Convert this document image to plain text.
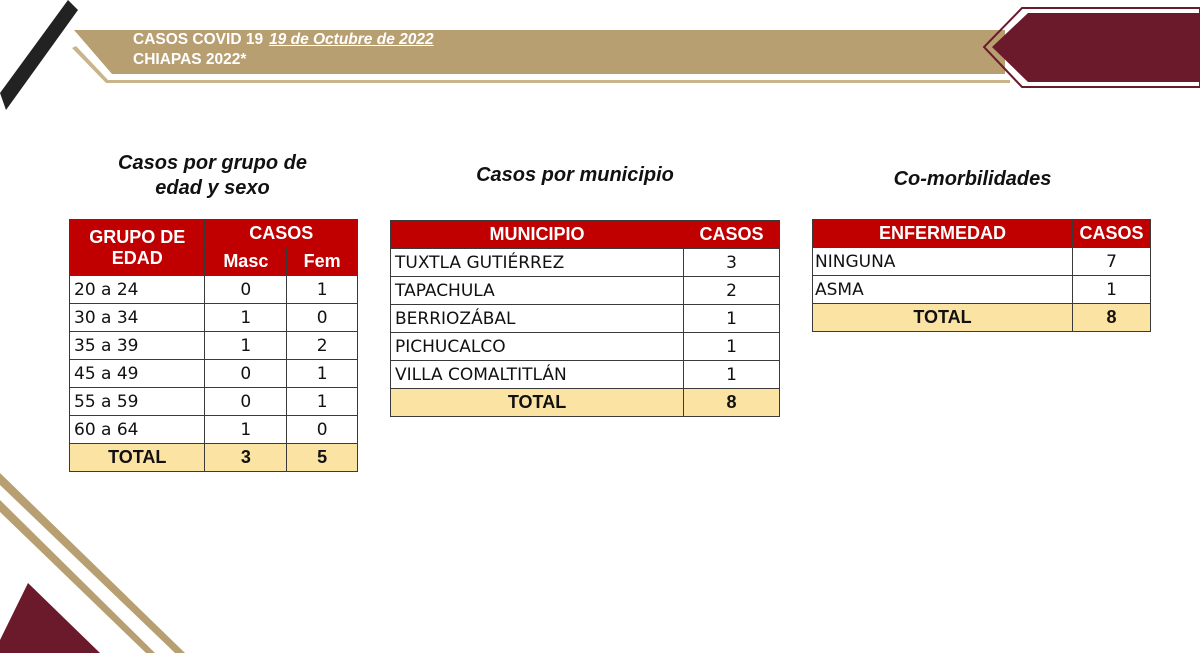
CASOS COVID 19 19 de Octubre de 2022
CHIAPAS 2022*
Casos por grupo de
edad y sexo
Casos por municipio	Co-morbilidades
GRUPO DE
EDAD	CASOS	
	Masc	Fem
20 a 24	0	1
30 a 34	1	0
35 a 39	1	2
45 a 49	0	1
55 a 59	0	1
60 a 64	1	0
TOTAL	3	5
MUNICIPIO	CASOS
TUXTLA GUTIÉRREZ	3
TAPACHULA	2
BERRIOZÁBAL	1
PICHUCALCO	1
VILLA COMALTITLÁN	1
TOTAL	8
ENFERMEDAD	CASOS
NINGUNA	7
ASMA	1
TOTAL	8
